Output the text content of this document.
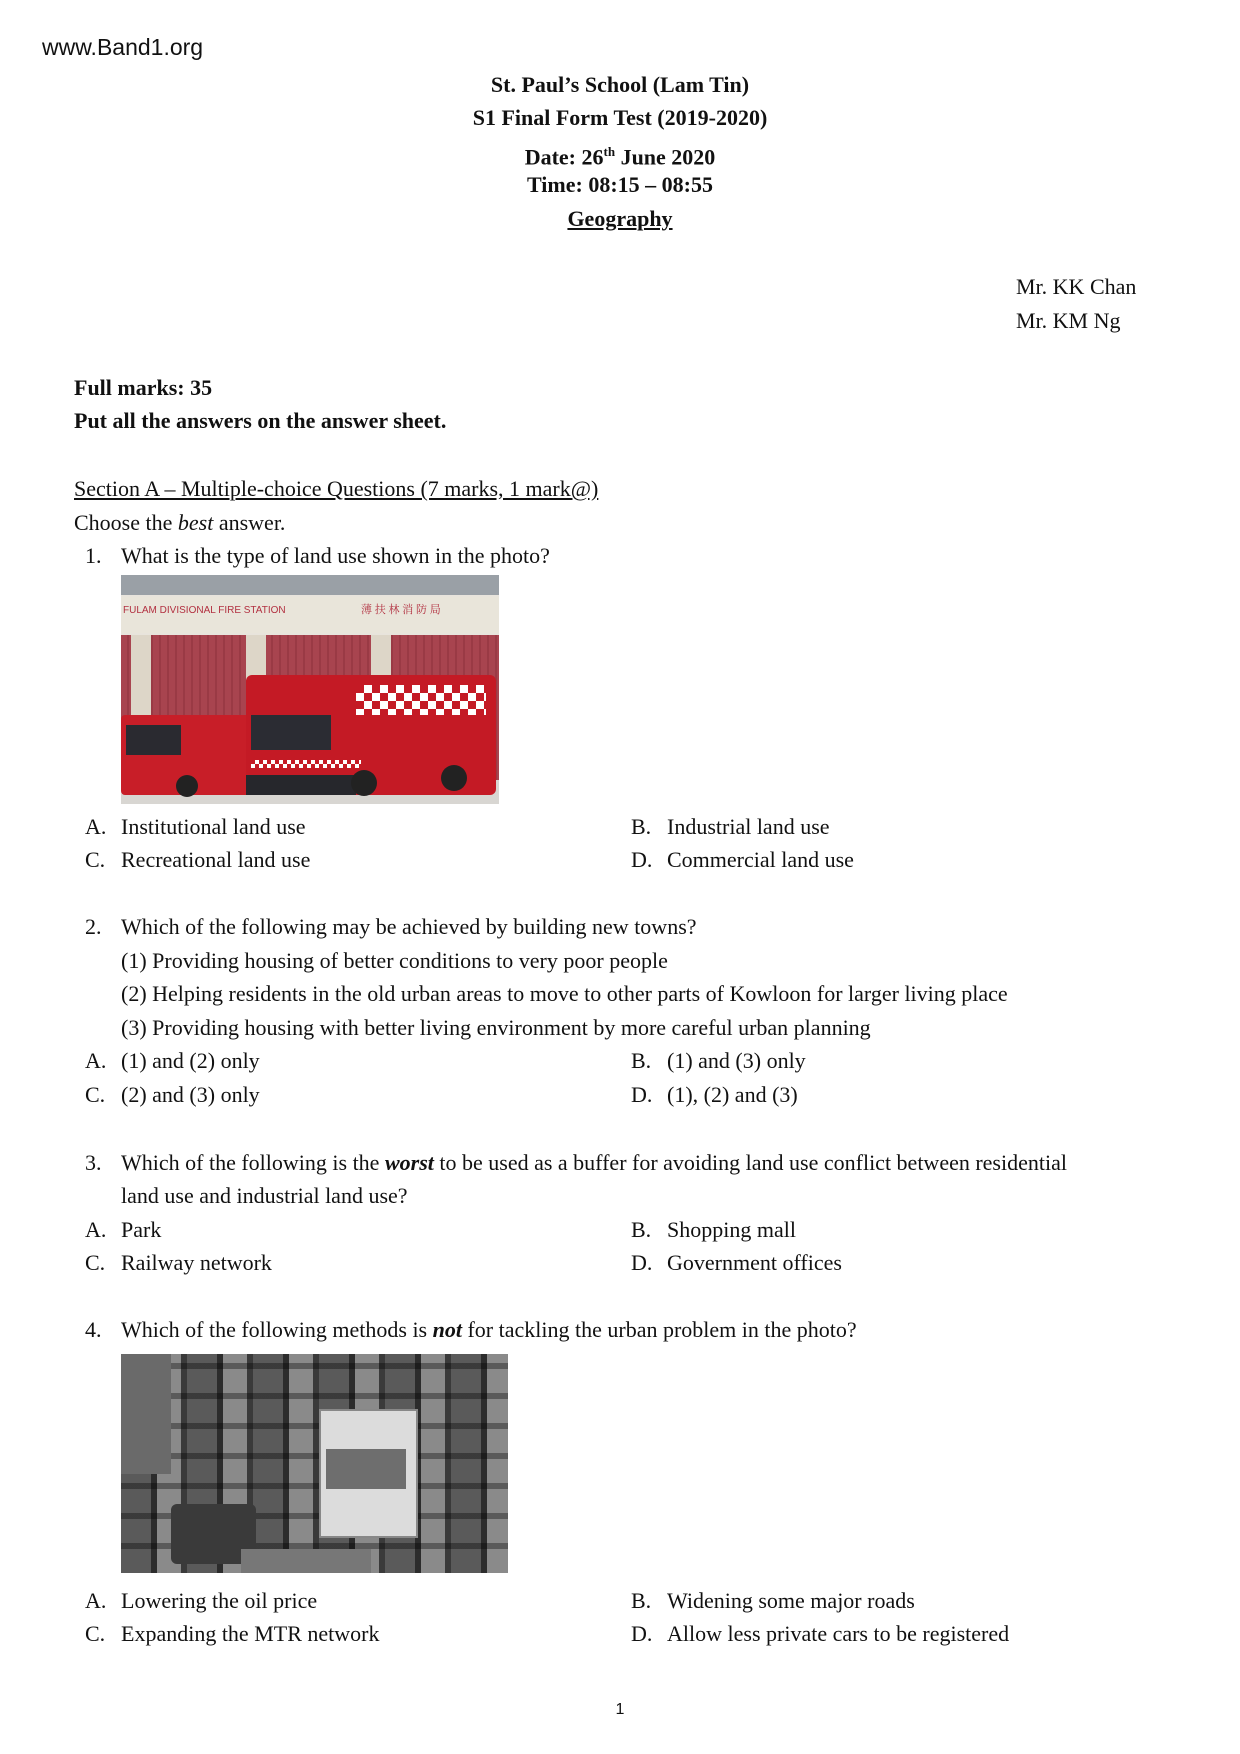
www.Band1.org
St. Paul’s School (Lam Tin)
S1 Final Form Test (2019-2020)
Date: 26th June 2020
Time: 08:15 – 08:55
Geography
Mr. KK Chan
Mr. KM Ng
Full marks: 35
Put all the answers on the answer sheet.
Section A – Multiple-choice Questions (7 marks, 1 mark@)
Choose the best answer.
1. What is the type of land use shown in the photo?
FULAM DIVISIONAL FIRE STATION	薄 扶 林 消 防 局
A. Institutional land use	B. Industrial land use
C. Recreational land use	D. Commercial land use
2. Which of the following may be achieved by building new towns?
(1) Providing housing of better conditions to very poor people
(2) Helping residents in the old urban areas to move to other parts of Kowloon for larger living place
(3) Providing housing with better living environment by more careful urban planning
A. (1) and (2) only	B. (1) and (3) only
C. (2) and (3) only	D. (1), (2) and (3)
3. Which of the following is the worst to be used as a buffer for avoiding land use conflict between residential
land use and industrial land use?
A. Park	B. Shopping mall
C. Railway network	D. Government offices
4. Which of the following methods is not for tackling the urban problem in the photo?
A. Lowering the oil price	B. Widening some major roads
C. Expanding the MTR network	D. Allow less private cars to be registered
1
